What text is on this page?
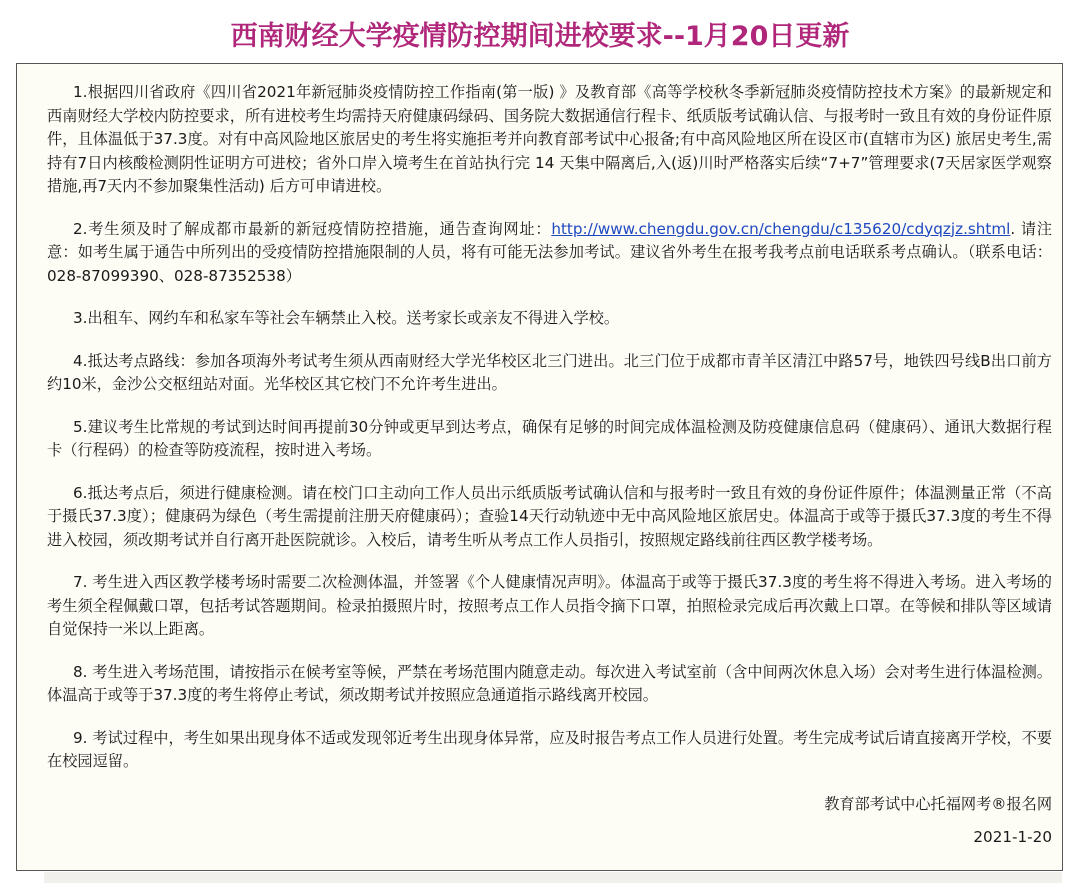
西南财经大学疫情防控期间进校要求--1月20日更新

1.根据四川省政府《四川省2021年新冠肺炎疫情防控工作指南(第一版) 》及教育部《高等学校秋冬季新冠肺炎疫情防控技术方案》的最新规定和西南财经大学校内防控要求，所有进校考生均需持天府健康码绿码、国务院大数据通信行程卡、纸质版考试确认信、与报考时一致且有效的身份证件原件，且体温低于37.3度。对有中高风险地区旅居史的考生将实施拒考并向教育部考试中心报备;有中高风险地区所在设区市(直辖市为区) 旅居史考生,需持有7日内核酸检测阴性证明方可进校；省外口岸入境考生在首站执行完 14 天集中隔离后,入(返)川时严格落实后续“7+7”管理要求(7天居家医学观察措施,再7天内不参加聚集性活动) 后方可申请进校。

2.考生须及时了解成都市最新的新冠疫情防控措施，通告查询网址：http://www.chengdu.gov.cn/chengdu/c135620/cdyqzjz.shtml. 请注意：如考生属于通告中所列出的受疫情防控措施限制的人员，将有可能无法参加考试。建议省外考生在报考我考点前电话联系考点确认。（联系电话：028-87099390、028-87352538）

3.出租车、网约车和私家车等社会车辆禁止入校。送考家长或亲友不得进入学校。

4.抵达考点路线：参加各项海外考试考生须从西南财经大学光华校区北三门进出。北三门位于成都市青羊区清江中路57号，地铁四号线B出口前方约10米，金沙公交枢纽站对面。光华校区其它校门不允许考生进出。

5.建议考生比常规的考试到达时间再提前30分钟或更早到达考点，确保有足够的时间完成体温检测及防疫健康信息码（健康码）、通讯大数据行程卡（行程码）的检查等防疫流程，按时进入考场。

6.抵达考点后，须进行健康检测。请在校门口主动向工作人员出示纸质版考试确认信和与报考时一致且有效的身份证件原件；体温测量正常（不高于摄氏37.3度）；健康码为绿色（考生需提前注册天府健康码）；查验14天行动轨迹中无中高风险地区旅居史。体温高于或等于摄氏37.3度的考生不得进入校园，须改期考试并自行离开赴医院就诊。入校后，请考生听从考点工作人员指引，按照规定路线前往西区教学楼考场。

7. 考生进入西区教学楼考场时需要二次检测体温，并签署《个人健康情况声明》。体温高于或等于摄氏37.3度的考生将不得进入考场。进入考场的考生须全程佩戴口罩，包括考试答题期间。检录拍摄照片时，按照考点工作人员指令摘下口罩，拍照检录完成后再次戴上口罩。在等候和排队等区域请自觉保持一米以上距离。

8. 考生进入考场范围，请按指示在候考室等候，严禁在考场范围内随意走动。每次进入考试室前（含中间两次休息入场）会对考生进行体温检测。体温高于或等于37.3度的考生将停止考试，须改期考试并按照应急通道指示路线离开校园。

9. 考试过程中，考生如果出现身体不适或发现邻近考生出现身体异常，应及时报告考点工作人员进行处置。考生完成考试后请直接离开学校，不要在校园逗留。

教育部考试中心托福网考®报名网

2021-1-20
